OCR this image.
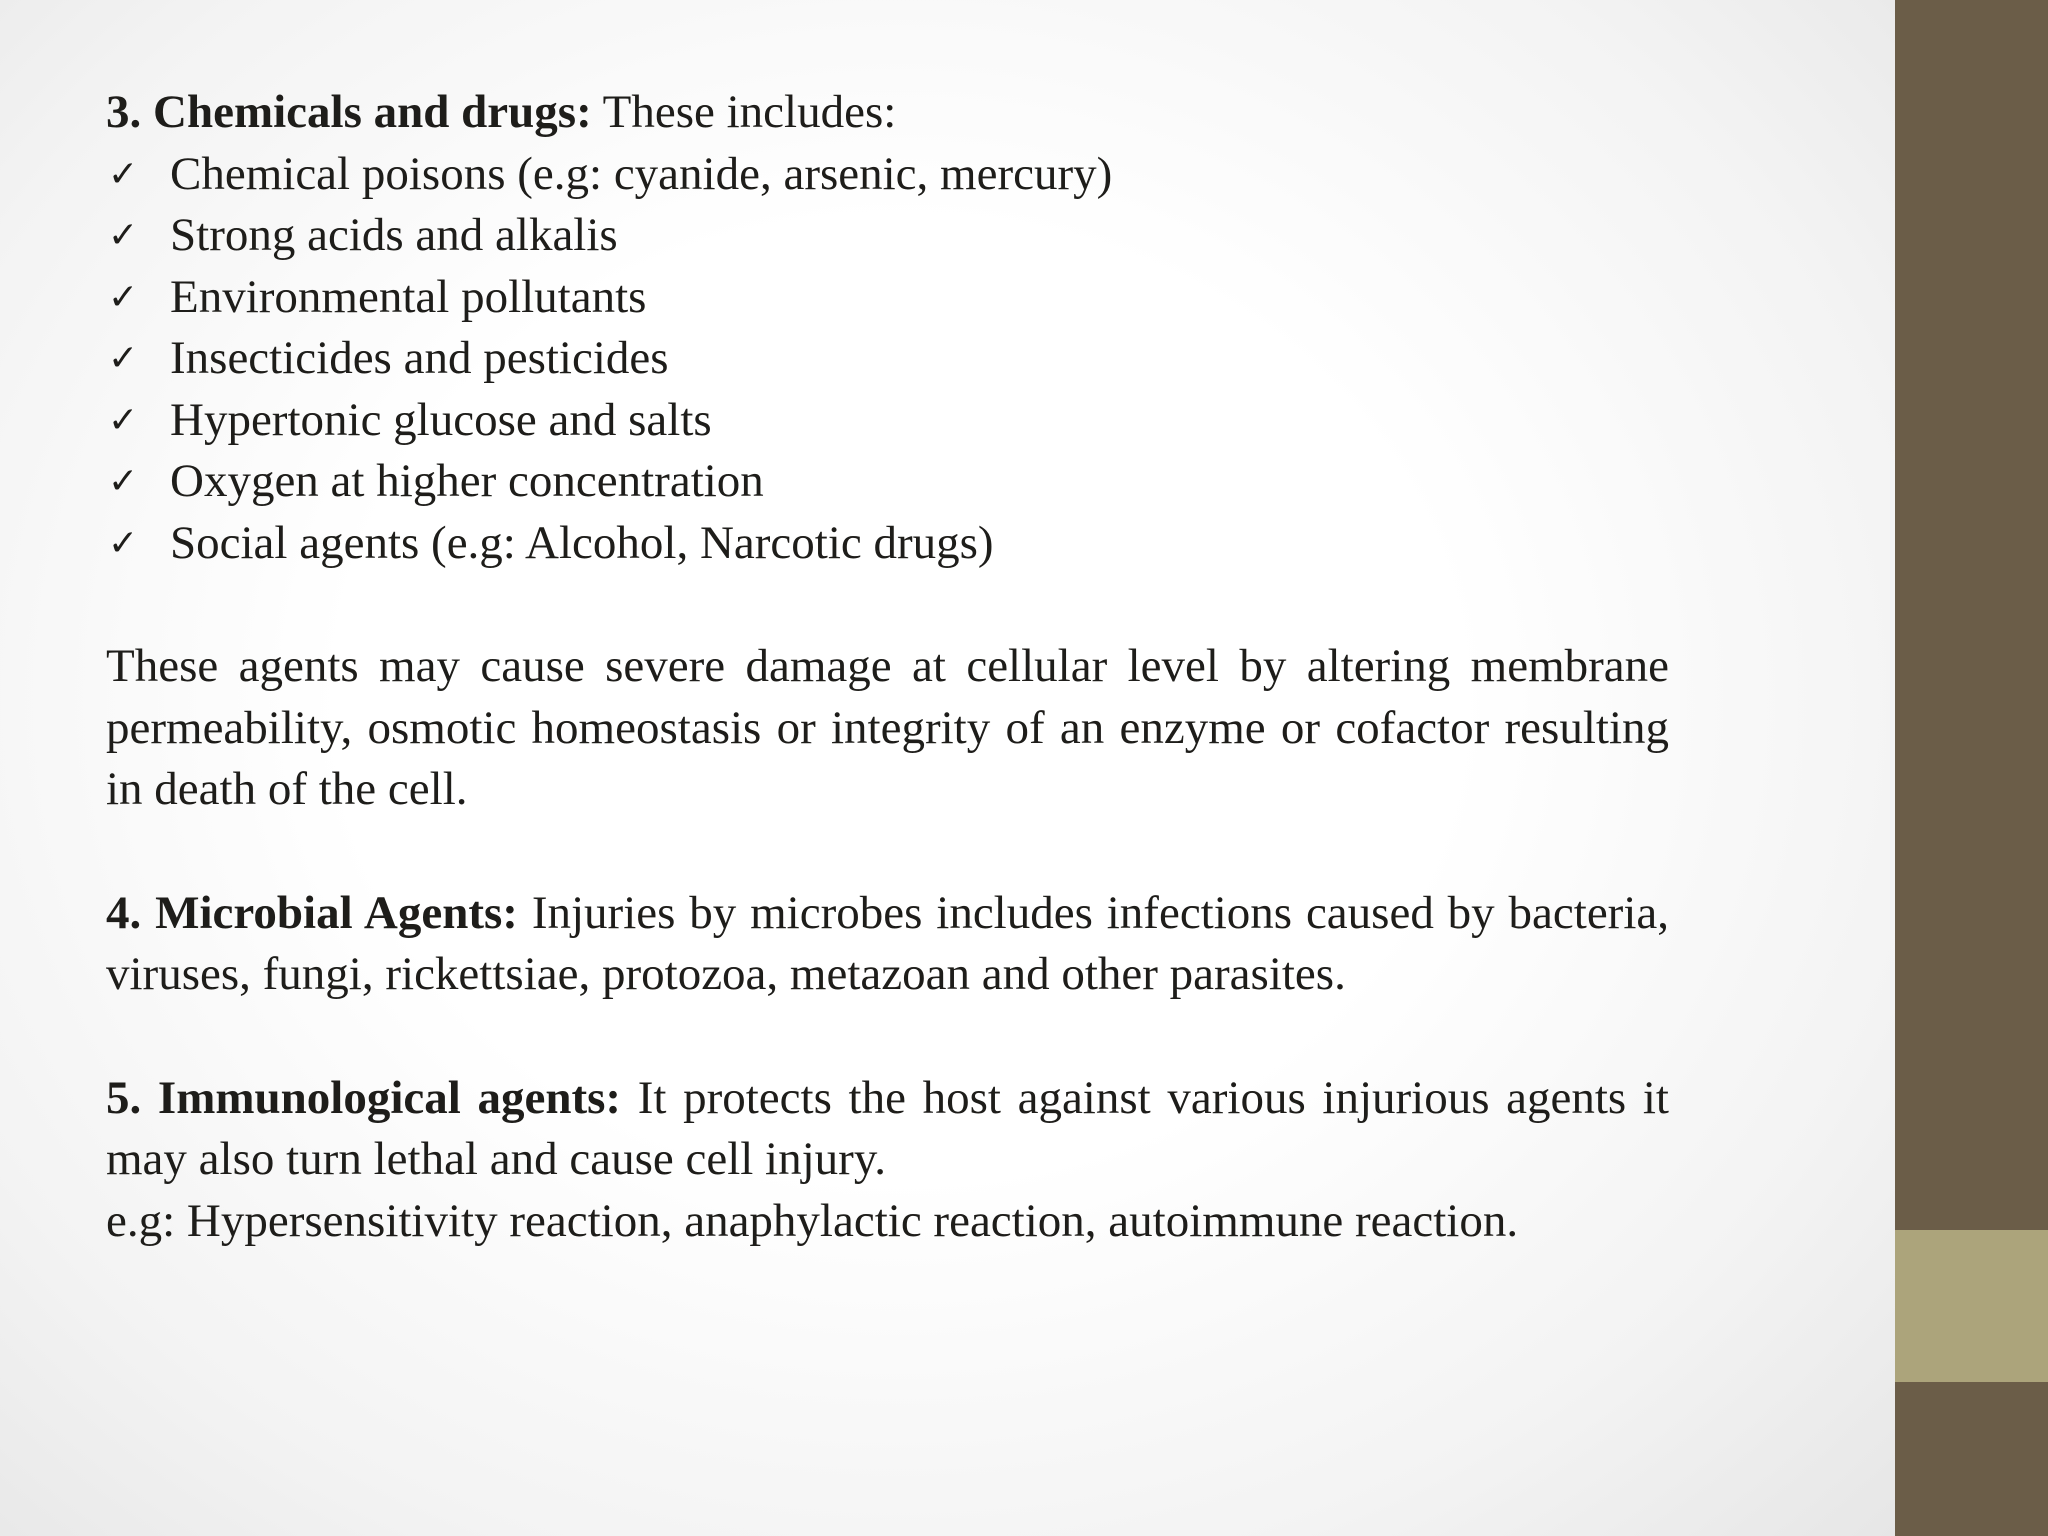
3. Chemicals and drugs: These includes:

✓ Chemical poisons (e.g: cyanide, arsenic, mercury)
✓ Strong acids and alkalis
✓ Environmental pollutants
✓ Insecticides and pesticides
✓ Hypertonic glucose and salts
✓ Oxygen at higher concentration
✓ Social agents (e.g: Alcohol, Narcotic drugs)

These agents may cause severe damage at cellular level by altering membrane permeability, osmotic homeostasis or integrity of an enzyme or cofactor resulting in death of the cell.

4. Microbial Agents: Injuries by microbes includes infections caused by bacteria, viruses, fungi, rickettsiae, protozoa, metazoan and other parasites.

5. Immunological agents: It protects the host against various injurious agents it may also turn lethal and cause cell injury.

e.g: Hypersensitivity reaction, anaphylactic reaction, autoimmune reaction.
